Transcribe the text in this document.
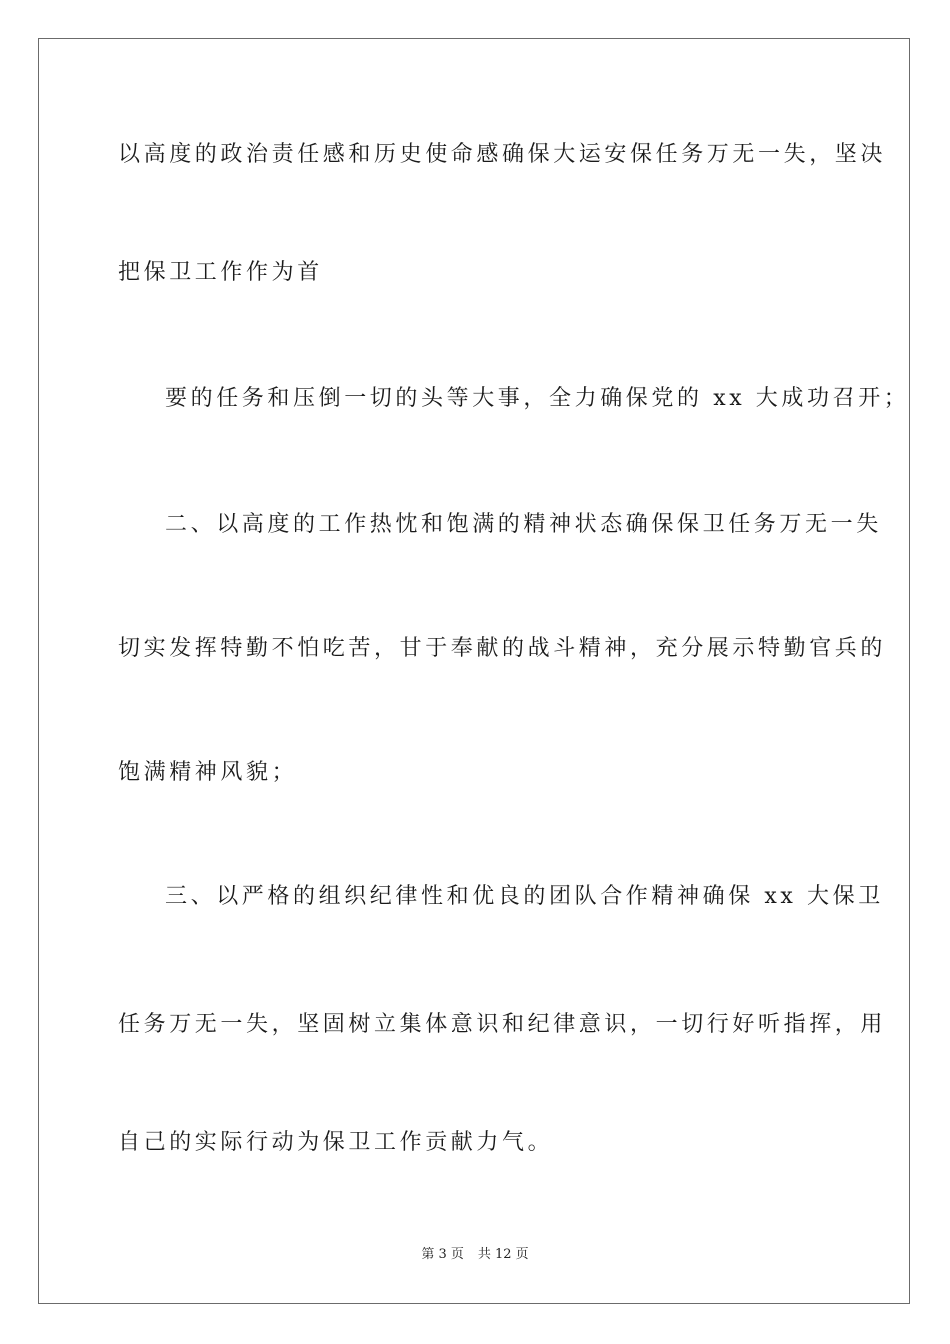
以高度的政治责任感和历史使命感确保大运安保任务万无一失，坚决
把保卫工作作为首
要的任务和压倒一切的头等大事，全力确保党的 xx 大成功召开；
二、以高度的工作热忱和饱满的精神状态确保保卫任务万无一失
切实发挥特勤不怕吃苦，甘于奉献的战斗精神，充分展示特勤官兵的
饱满精神风貌；
三、以严格的组织纪律性和优良的团队合作精神确保 xx 大保卫
任务万无一失，坚固树立集体意识和纪律意识，一切行好听指挥，用
自己的实际行动为保卫工作贡献力气。
第 3 页 共 12 页
